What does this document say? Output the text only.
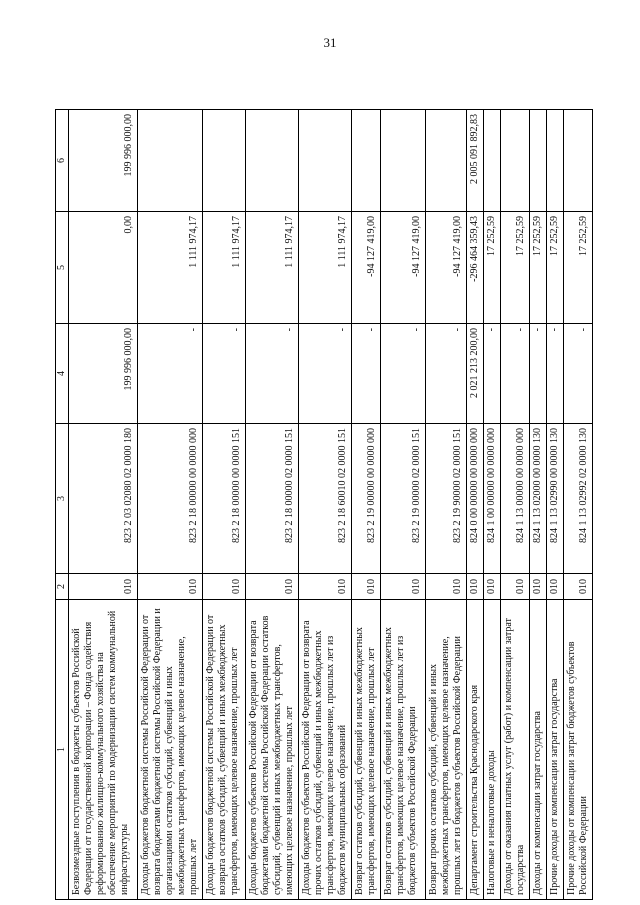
31
1	2	3	4	5	6
Безвозмездные поступления в бюджеты субъектов Российской Федерации от государственной корпорации – Фонда содействия реформированию жилищно-коммунального хозяйства на обеспечение мероприятий по модернизации систем коммунальной инфраструктуры	010	823 2 03 02080 02 0000 180	199 996 000,00	0,00	199 996 000,00
Доходы бюджетов бюджетной системы Российской Федерации от возврата бюджетами бюджетной системы Российской Федерации и организациями остатков субсидий, субвенций и иных межбюджетных трансфертов, имеющих целевое назначение, прошлых лет	010	823 2 18 00000 00 0000 000	-	1 111 974,17	
Доходы бюджетов бюджетной системы Российской Федерации от возврата остатков субсидий, субвенций и иных межбюджетных трансфертов, имеющих целевое назначение, прошлых лет	010	823 2 18 00000 00 0000 151	-	1 111 974,17	
Доходы бюджетов субъектов Российской Федерации от возврата бюджетами бюджетной системы Российской Федерации остатков субсидий, субвенций и иных межбюджетных трансфертов, имеющих целевое назначение, прошлых лет	010	823 2 18 00000 02 0000 151	-	1 111 974,17	
Доходы бюджетов субъектов Российской Федерации от возврата прочих остатков субсидий, субвенций и иных межбюджетных трансфертов, имеющих целевое назначение, прошлых лет из бюджетов муниципальных образований	010	823 2 18 60010 02 0000 151	-	1 111 974,17	
Возврат остатков субсидий, субвенций и иных межбюджетных трансфертов, имеющих целевое назначение, прошлых лет	010	823 2 19 00000 00 0000 000	-	-94 127 419,00	
Возврат остатков субсидий, субвенций и иных межбюджетных трансфертов, имеющих целевое назначение, прошлых лет из бюджетов субъектов Российской Федерации	010	823 2 19 00000 02 0000 151	-	-94 127 419,00	
Возврат прочих остатков субсидий, субвенций и иных межбюджетных трансфертов, имеющих целевое назначение, прошлых лет из бюджетов субъектов Российской Федерации	010	823 2 19 90000 02 0000 151	-	-94 127 419,00	
Департамент строительства Краснодарского края	010	824 0 00 00000 00 0000 000	2 021 213 200,00	-296 464 359,43	2 005 091 892,83
Налоговые и неналоговые доходы	010	824 1 00 00000 00 0000 000	-	17 252,59	
Доходы от оказания платных услуг (работ) и компенсации затрат государства	010	824 1 13 00000 00 0000 000	-	17 252,59	
Доходы от компенсации затрат государства	010	824 1 13 02000 00 0000 130	-	17 252,59	
Прочие доходы от компенсации затрат государства	010	824 1 13 02990 00 0000 130	-	17 252,59	
Прочие доходы от компенсации затрат бюджетов субъектов Российской Федерации	010	824 1 13 02992 02 0000 130	-	17 252,59	
